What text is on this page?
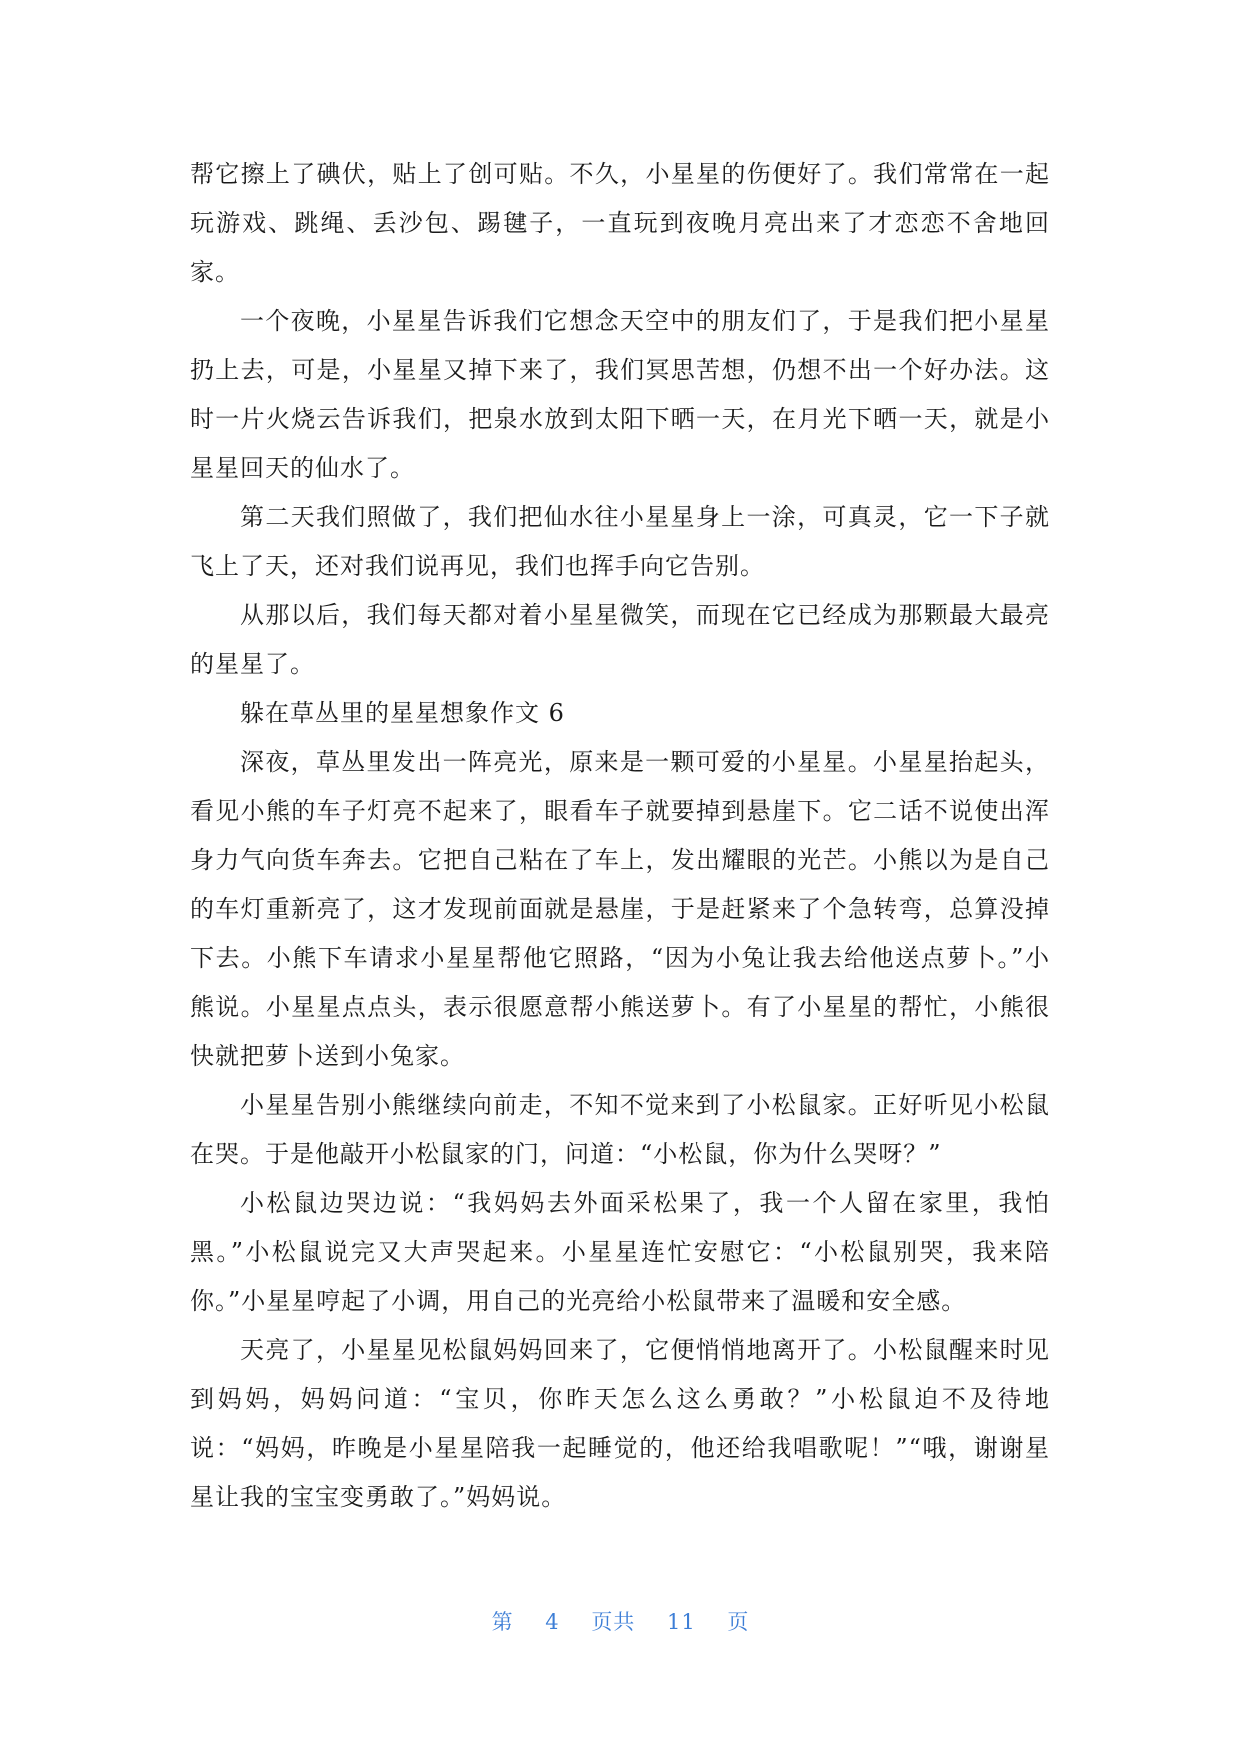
帮它擦上了碘伏，贴上了创可贴。不久，小星星的伤便好了。我们常常在一起玩游戏、跳绳、丢沙包、踢毽子，一直玩到夜晚月亮出来了才恋恋不舍地回家。

一个夜晚，小星星告诉我们它想念天空中的朋友们了，于是我们把小星星扔上去，可是，小星星又掉下来了，我们冥思苦想，仍想不出一个好办法。这时一片火烧云告诉我们，把泉水放到太阳下晒一天，在月光下晒一天，就是小星星回天的仙水了。

第二天我们照做了，我们把仙水往小星星身上一涂，可真灵，它一下子就飞上了天，还对我们说再见，我们也挥手向它告别。

从那以后，我们每天都对着小星星微笑，而现在它已经成为那颗最大最亮的星星了。

躲在草丛里的星星想象作文 6

深夜，草丛里发出一阵亮光，原来是一颗可爱的小星星。小星星抬起头，看见小熊的车子灯亮不起来了，眼看车子就要掉到悬崖下。它二话不说使出浑身力气向货车奔去。它把自己粘在了车上，发出耀眼的光芒。小熊以为是自己的车灯重新亮了，这才发现前面就是悬崖，于是赶紧来了个急转弯，总算没掉下去。小熊下车请求小星星帮他它照路，“因为小兔让我去给他送点萝卜。”小熊说。小星星点点头，表示很愿意帮小熊送萝卜。有了小星星的帮忙，小熊很快就把萝卜送到小兔家。

小星星告别小熊继续向前走，不知不觉来到了小松鼠家。正好听见小松鼠在哭。于是他敲开小松鼠家的门，问道：“小松鼠，你为什么哭呀？”

小松鼠边哭边说：“我妈妈去外面采松果了，我一个人留在家里，我怕黑。”小松鼠说完又大声哭起来。小星星连忙安慰它：“小松鼠别哭，我来陪你。”小星星哼起了小调，用自己的光亮给小松鼠带来了温暖和安全感。

天亮了，小星星见松鼠妈妈回来了，它便悄悄地离开了。小松鼠醒来时见到妈妈，妈妈问道：“宝贝，你昨天怎么这么勇敢？”小松鼠迫不及待地说：“妈妈，昨晚是小星星陪我一起睡觉的，他还给我唱歌呢！”“哦，谢谢星星让我的宝宝变勇敢了。”妈妈说。

第 4 页共 11 页
